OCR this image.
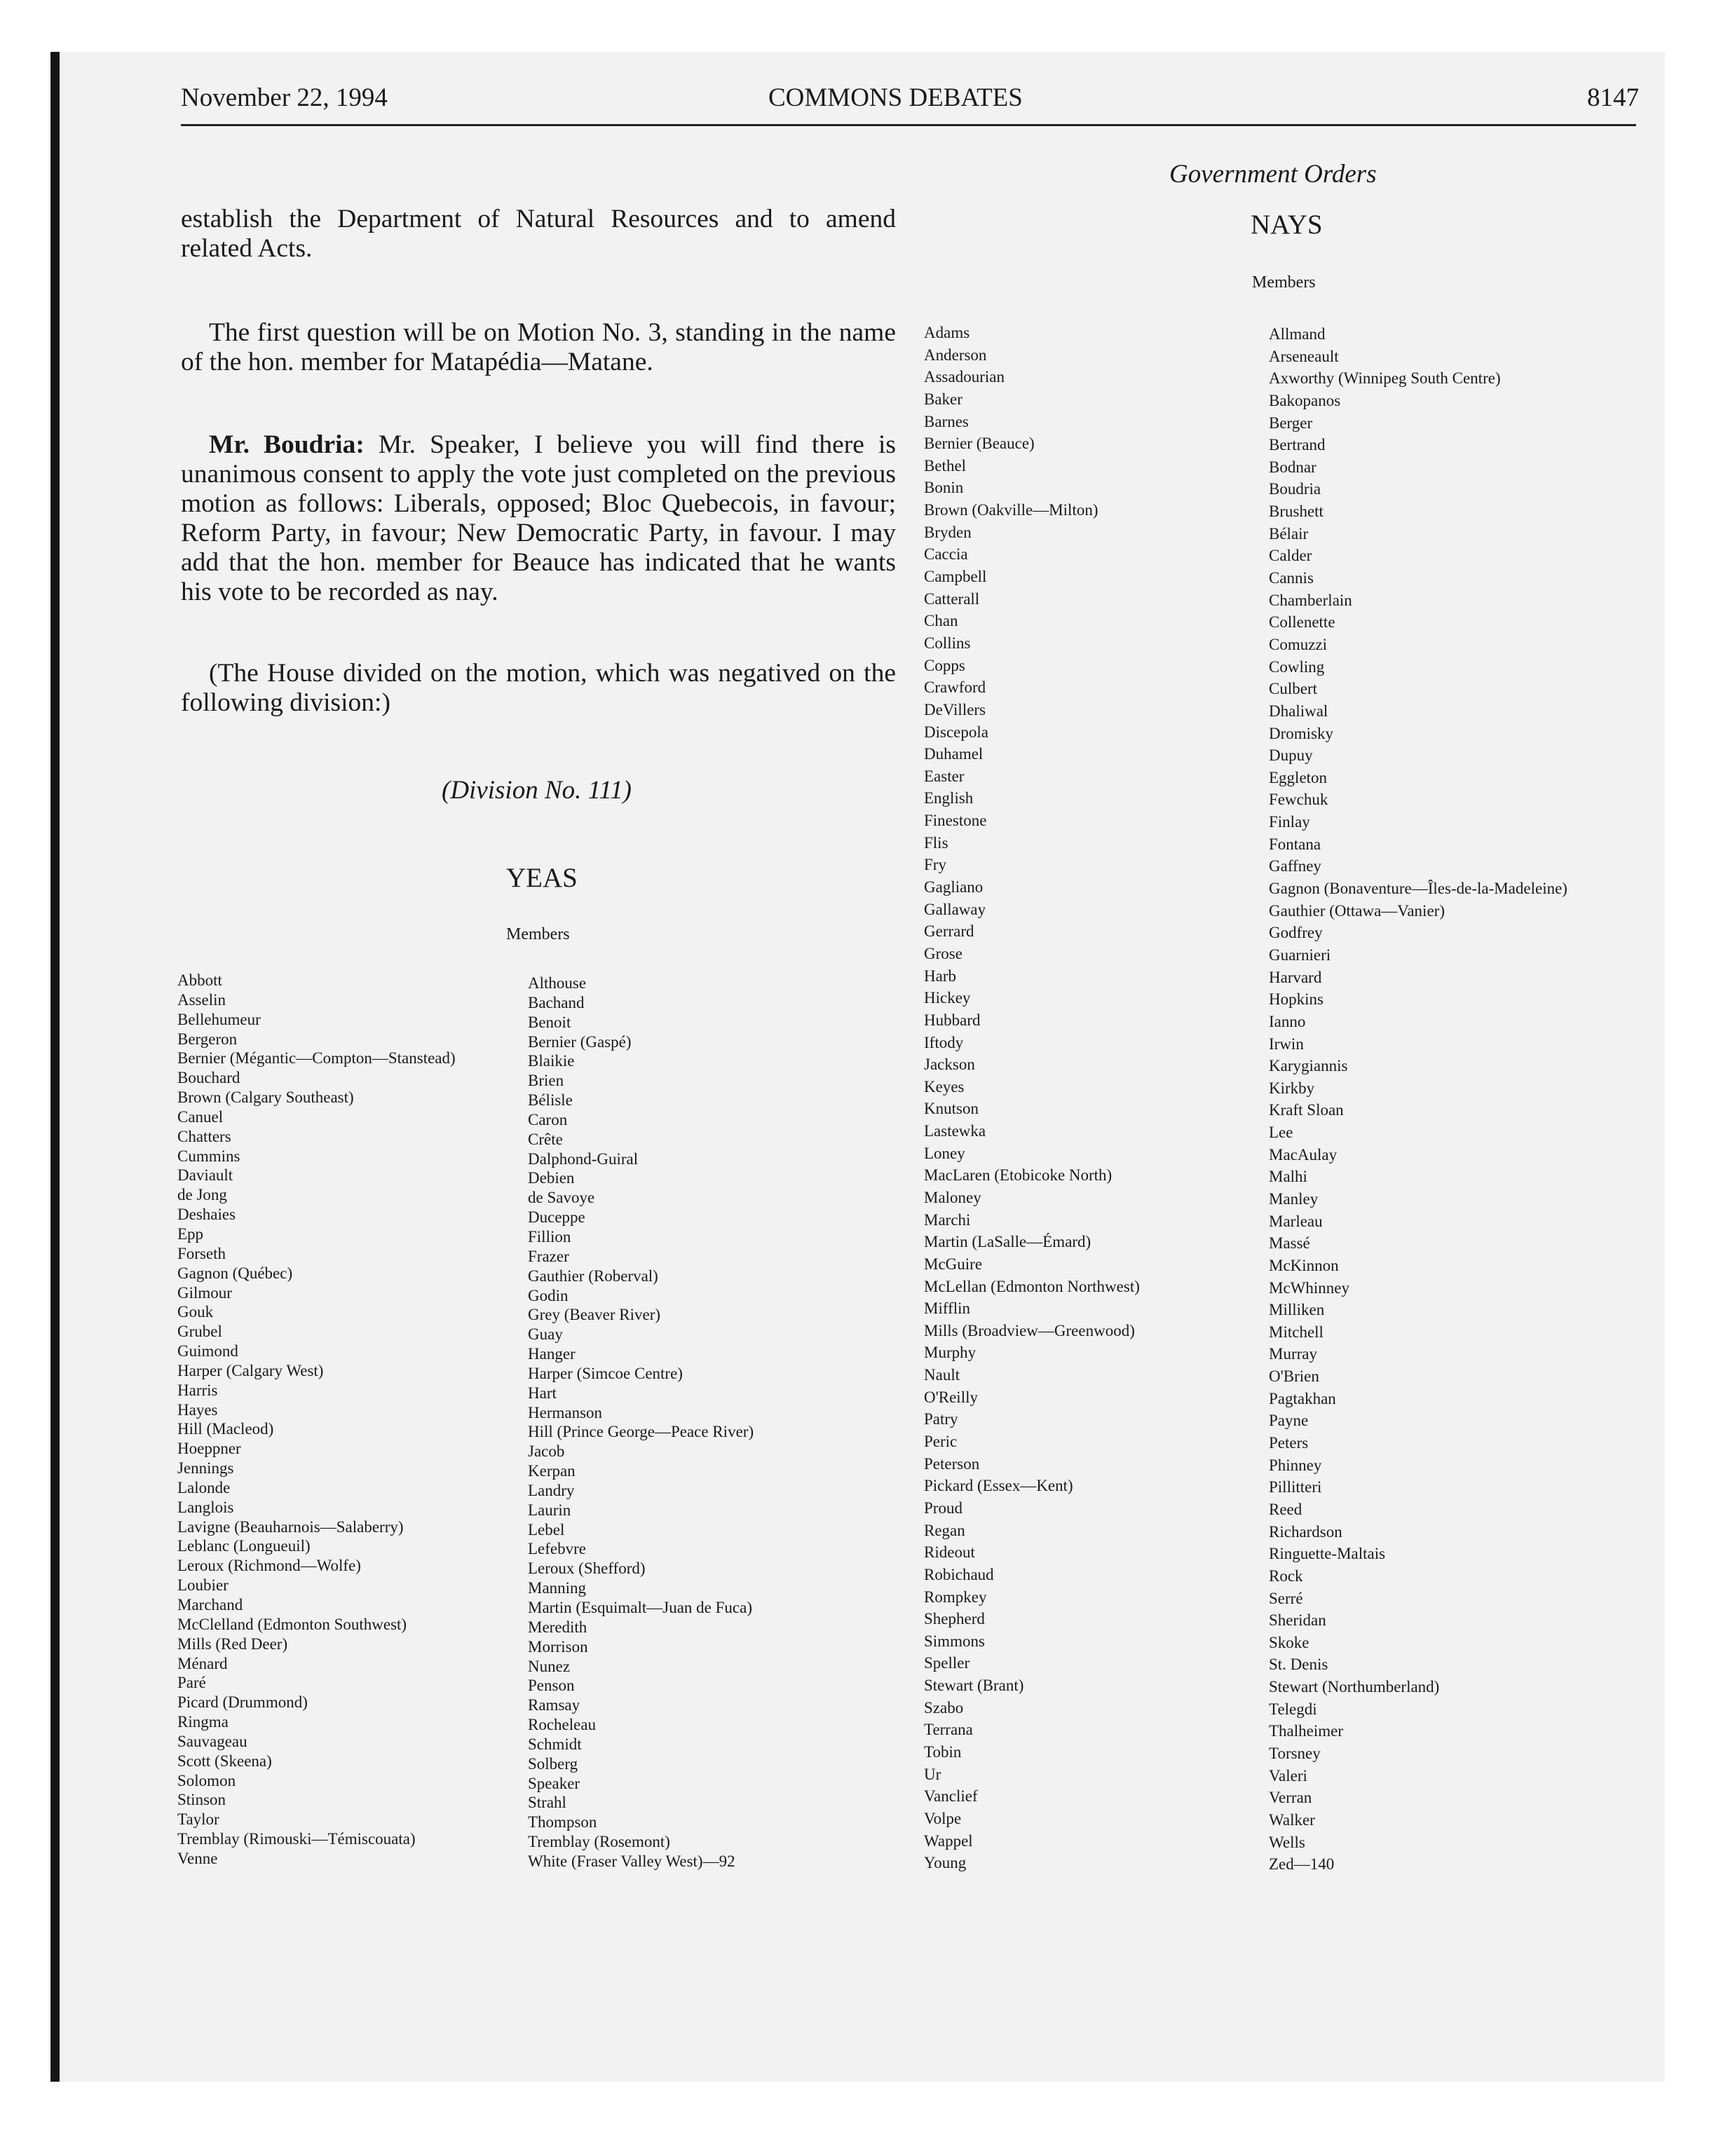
November 22, 1994	COMMONS DEBATES	8147
Government Orders

establish the Department of Natural Resources and to amend related Acts.

The first question will be on Motion No. 3, standing in the name of the hon. member for Matapédia—Matane.

Mr. Boudria: Mr. Speaker, I believe you will find there is unanimous consent to apply the vote just completed on the previous motion as follows: Liberals, opposed; Bloc Quebecois, in favour; Reform Party, in favour; New Democratic Party, in favour. I may add that the hon. member for Beauce has indicated that he wants his vote to be recorded as nay.

(The House divided on the motion, which was negatived on the following division:)

(Division No. 111)
YEAS
Members
Abbott
Asselin
Bellehumeur
Bergeron
Bernier (Mégantic—Compton—Stanstead)
Bouchard
Brown (Calgary Southeast)
Canuel
Chatters
Cummins
Daviault
de Jong
Deshaies
Epp
Forseth
Gagnon (Québec)
Gilmour
Gouk
Grubel
Guimond
Harper (Calgary West)
Harris
Hayes
Hill (Macleod)
Hoeppner
Jennings
Lalonde
Langlois
Lavigne (Beauharnois—Salaberry)
Leblanc (Longueuil)
Leroux (Richmond—Wolfe)
Loubier
Marchand
McClelland (Edmonton Southwest)
Mills (Red Deer)
Ménard
Paré
Picard (Drummond)
Ringma
Sauvageau
Scott (Skeena)
Solomon
Stinson
Taylor
Tremblay (Rimouski—Témiscouata)
Venne
Althouse
Bachand
Benoit
Bernier (Gaspé)
Blaikie
Brien
Bélisle
Caron
Crête
Dalphond-Guiral
Debien
de Savoye
Duceppe
Fillion
Frazer
Gauthier (Roberval)
Godin
Grey (Beaver River)
Guay
Hanger
Harper (Simcoe Centre)
Hart
Hermanson
Hill (Prince George—Peace River)
Jacob
Kerpan
Landry
Laurin
Lebel
Lefebvre
Leroux (Shefford)
Manning
Martin (Esquimalt—Juan de Fuca)
Meredith
Morrison
Nunez
Penson
Ramsay
Rocheleau
Schmidt
Solberg
Speaker
Strahl
Thompson
Tremblay (Rosemont)
White (Fraser Valley West)—92
NAYS
Members
Adams
Anderson
Assadourian
Baker
Barnes
Bernier (Beauce)
Bethel
Bonin
Brown (Oakville—Milton)
Bryden
Caccia
Campbell
Catterall
Chan
Collins
Copps
Crawford
DeVillers
Discepola
Duhamel
Easter
English
Finestone
Flis
Fry
Gagliano
Gallaway
Gerrard
Grose
Harb
Hickey
Hubbard
Iftody
Jackson
Keyes
Knutson
Lastewka
Loney
MacLaren (Etobicoke North)
Maloney
Marchi
Martin (LaSalle—Émard)
McGuire
McLellan (Edmonton Northwest)
Mifflin
Mills (Broadview—Greenwood)
Murphy
Nault
O'Reilly
Patry
Peric
Peterson
Pickard (Essex—Kent)
Proud
Regan
Rideout
Robichaud
Rompkey
Shepherd
Simmons
Speller
Stewart (Brant)
Szabo
Terrana
Tobin
Ur
Vanclief
Volpe
Wappel
Young
Allmand
Arseneault
Axworthy (Winnipeg South Centre)
Bakopanos
Berger
Bertrand
Bodnar
Boudria
Brushett
Bélair
Calder
Cannis
Chamberlain
Collenette
Comuzzi
Cowling
Culbert
Dhaliwal
Dromisky
Dupuy
Eggleton
Fewchuk
Finlay
Fontana
Gaffney
Gagnon (Bonaventure—Îles-de-la-Madeleine)
Gauthier (Ottawa—Vanier)
Godfrey
Guarnieri
Harvard
Hopkins
Ianno
Irwin
Karygiannis
Kirkby
Kraft Sloan
Lee
MacAulay
Malhi
Manley
Marleau
Massé
McKinnon
McWhinney
Milliken
Mitchell
Murray
O'Brien
Pagtakhan
Payne
Peters
Phinney
Pillitteri
Reed
Richardson
Ringuette-Maltais
Rock
Serré
Sheridan
Skoke
St. Denis
Stewart (Northumberland)
Telegdi
Thalheimer
Torsney
Valeri
Verran
Walker
Wells
Zed—140
